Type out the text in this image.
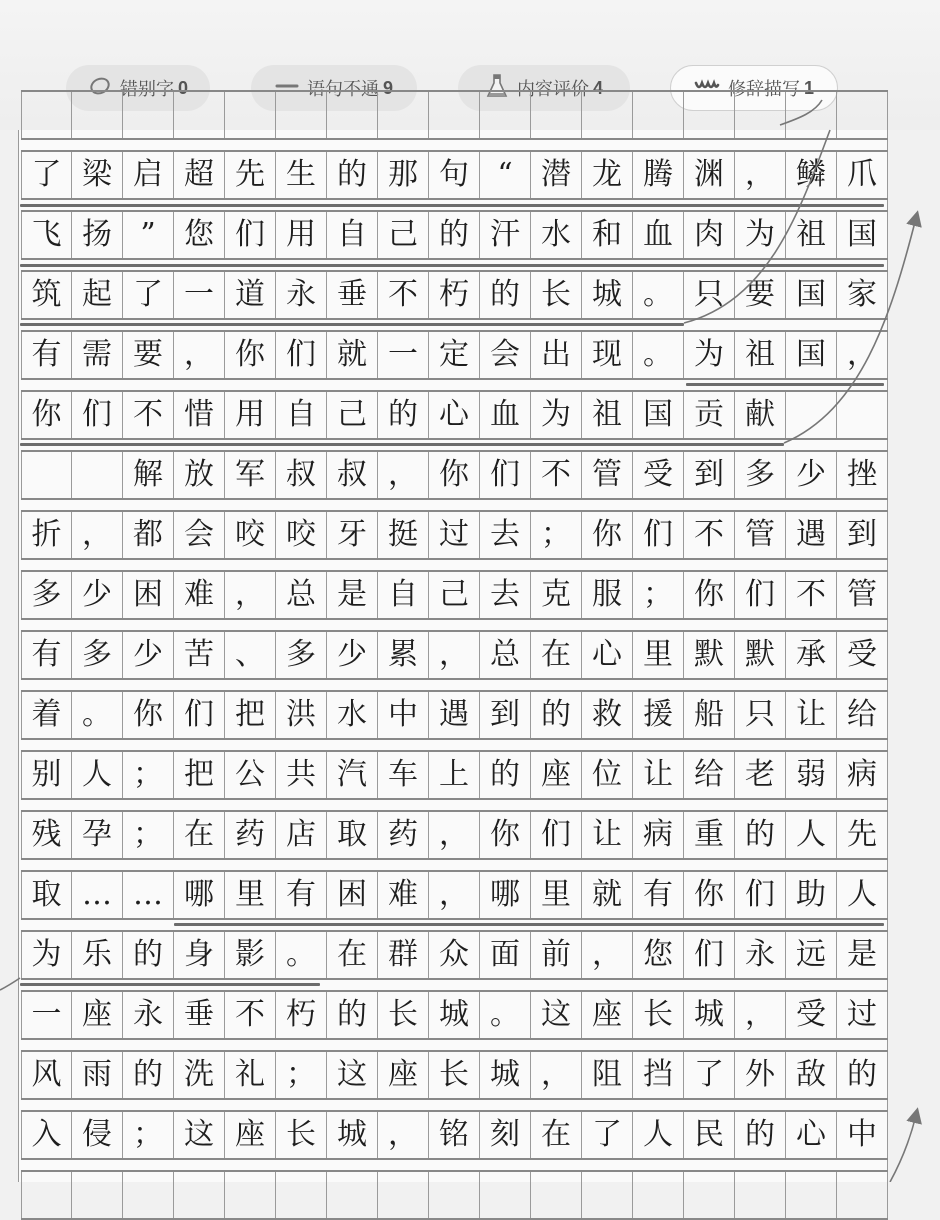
错别字 0	语句不通 9	内容评价 4	修辞描写 1
了 梁 启 超 先 生 的 那 句 “ 潜 龙 腾 渊 ， 鳞 爪
飞 扬 ” 您 们 用 自 己 的 汗 水 和 血 肉 为 祖 国
筑 起 了 一 道 永 垂 不 朽 的 长 城 。 只 要 国 家
有 需 要 ， 你 们 就 一 定 会 出 现 。 为 祖 国 ，
你 们 不 惜 用 自 己 的 心 血 为 祖 国 贡 献
解 放 军 叔 叔 ， 你 们 不 管 受 到 多 少 挫
折 ， 都 会 咬 咬 牙 挺 过 去 ； 你 们 不 管 遇 到
多 少 困 难 ， 总 是 自 己 去 克 服 ； 你 们 不 管
有 多 少 苦 、 多 少 累 ， 总 在 心 里 默 默 承 受
着 。 你 们 把 洪 水 中 遇 到 的 救 援 船 只 让 给
别 人 ； 把 公 共 汽 车 上 的 座 位 让 给 老 弱 病
残 孕 ； 在 药 店 取 药 ， 你 们 让 病 重 的 人 先
取 … … 哪 里 有 困 难 ， 哪 里 就 有 你 们 助 人
为 乐 的 身 影 。 在 群 众 面 前 ， 您 们 永 远 是
一 座 永 垂 不 朽 的 长 城 。 这 座 长 城 ， 受 过
风 雨 的 洗 礼 ； 这 座 长 城 ， 阻 挡 了 外 敌 的
入 侵 ； 这 座 长 城 ， 铭 刻 在 了 人 民 的 心 中
